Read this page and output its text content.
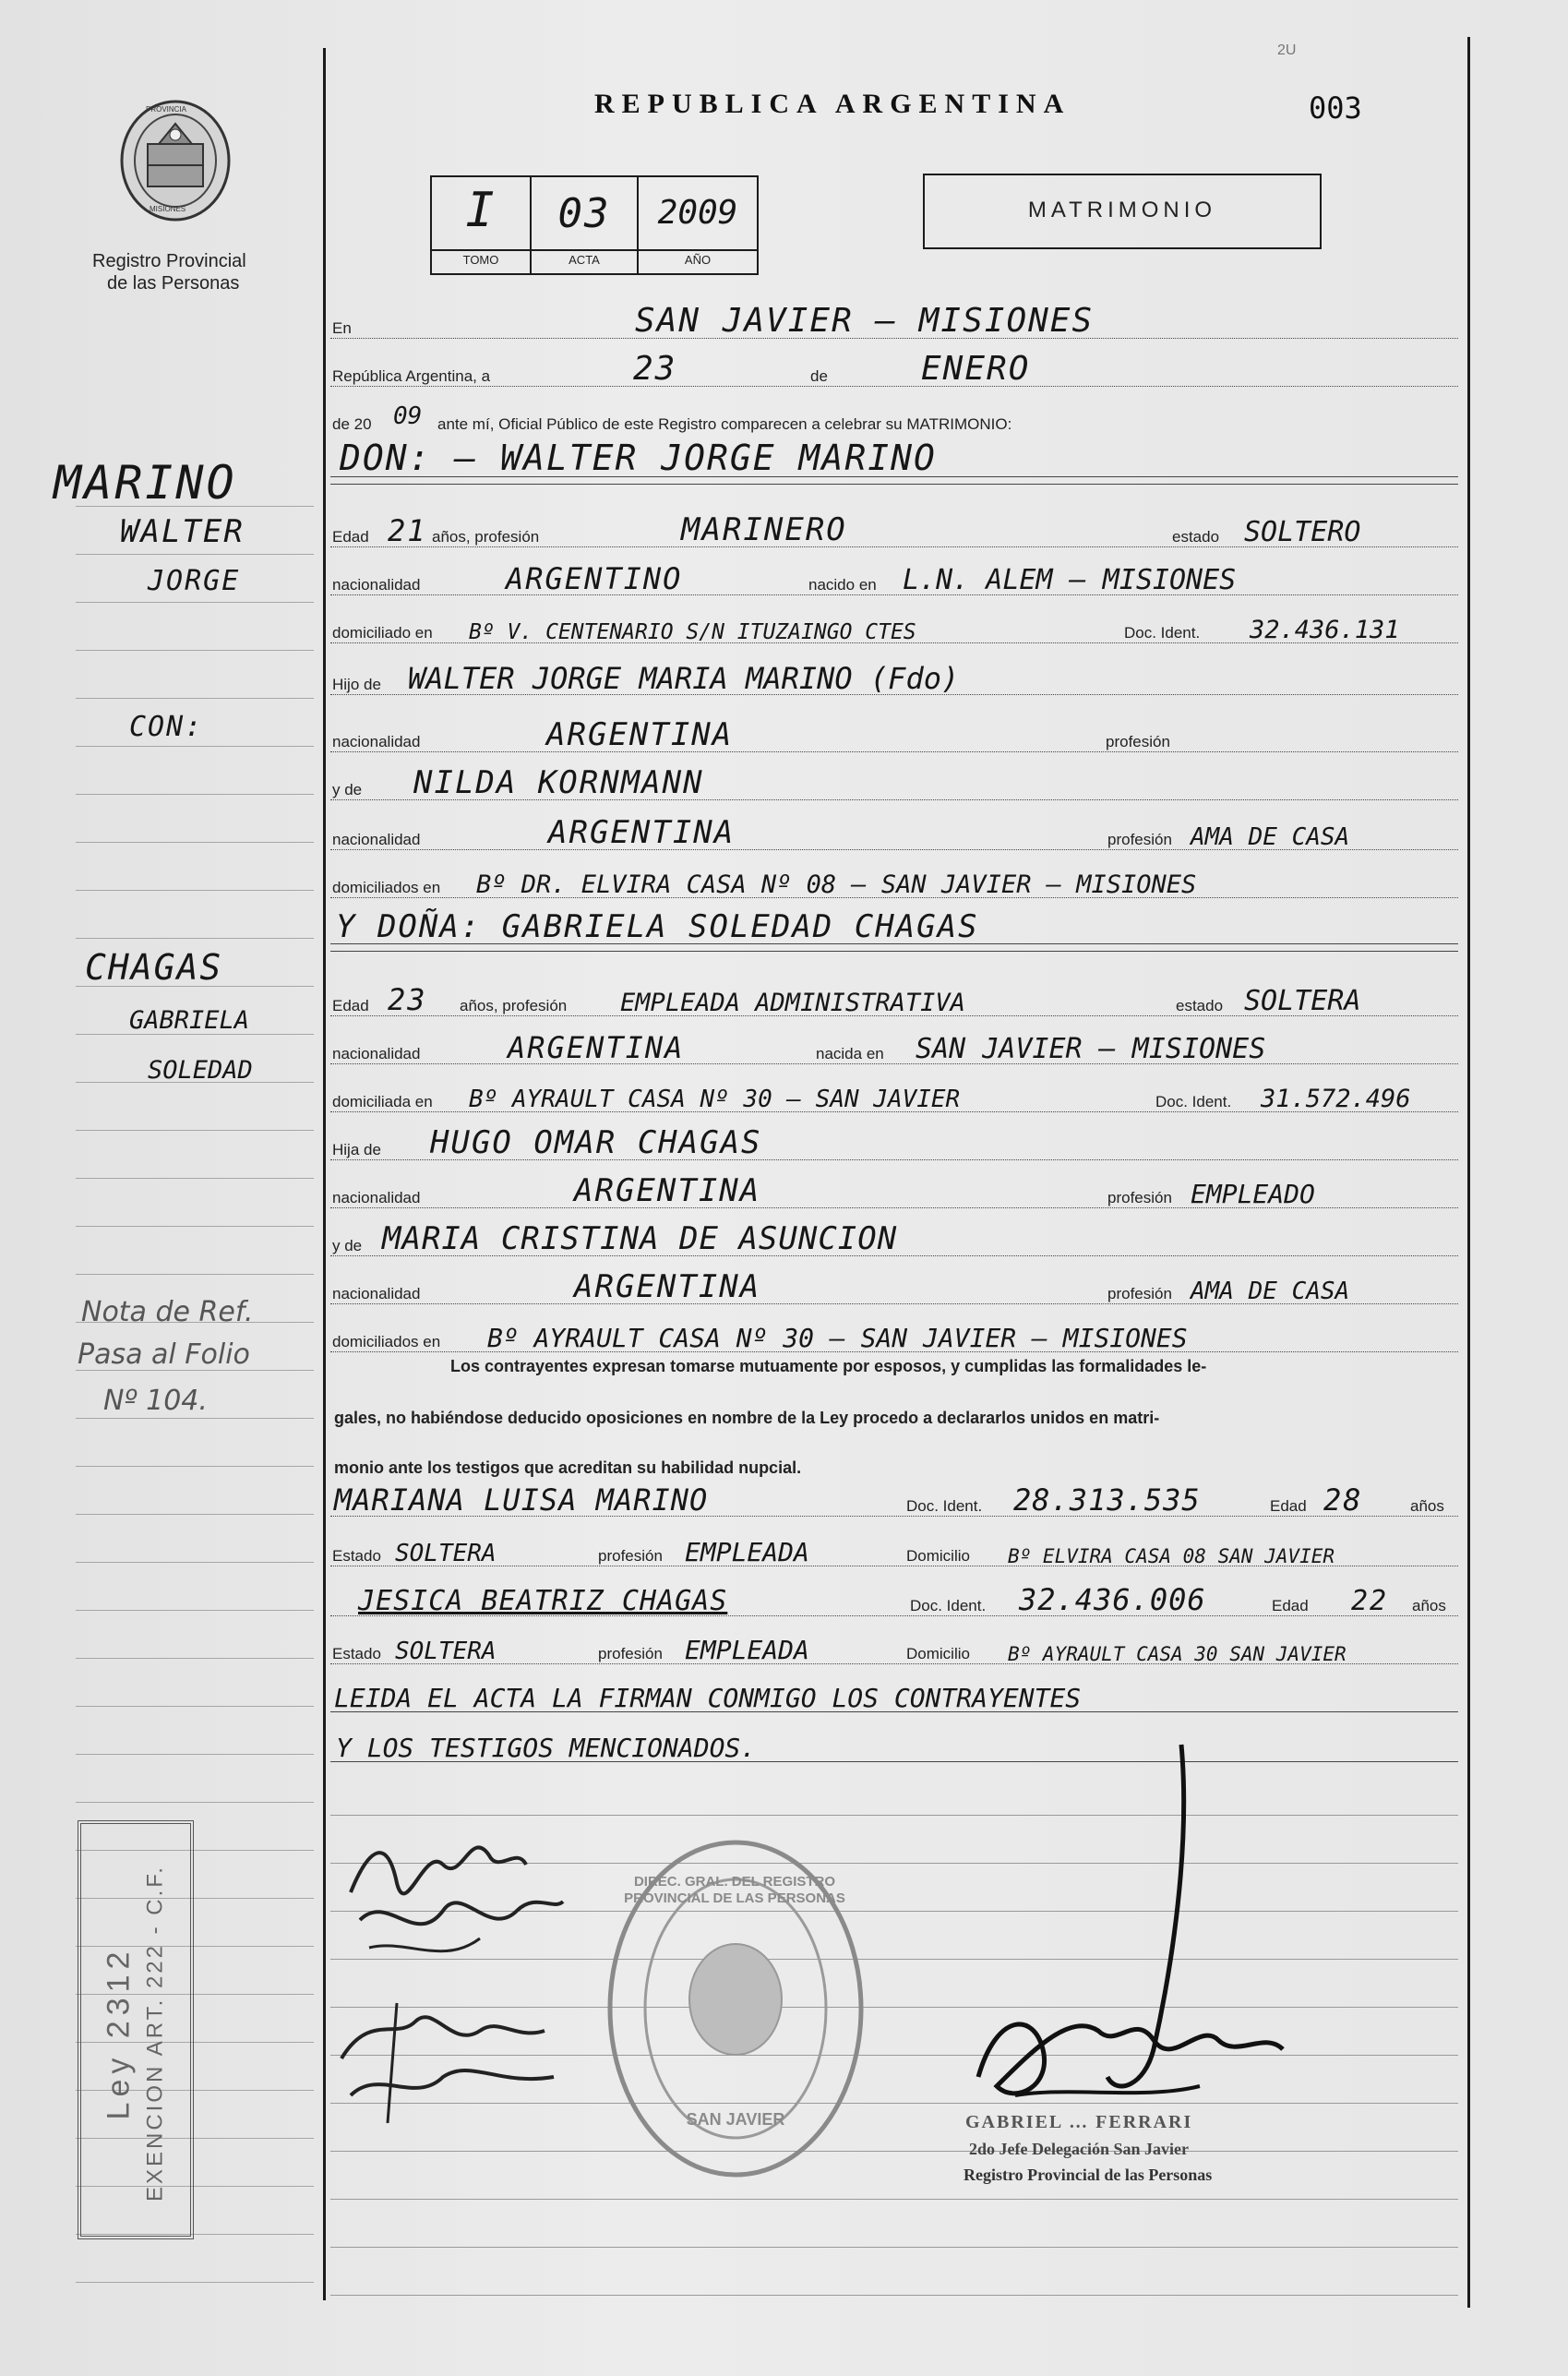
PROVINCIA
MISIONES
Registro Provincial
de las Personas
REPUBLICA ARGENTINA
2U
003
I	03	2009
TOMO	ACTA	AÑO
MATRIMONIO
En	SAN JAVIER – MISIONES
República Argentina, a	23	de	ENERO
de 20 09 ante mí, Oficial Público de este Registro comparecen a celebrar su MATRIMONIO:
DON: – WALTER JORGE MARINO
Edad 21 años, profesión	MARINERO	estado SOLTERO
nacionalidad	ARGENTINO	nacido en L.N. ALEM – MISIONES
domiciliado en Bº V. CENTENARIO S/N ITUZAINGO CTES	Doc. Ident. 32.436.131
Hijo de WALTER JORGE MARIA MARINO (Fdo)
nacionalidad	ARGENTINA	profesión
y de NILDA KORNMANN
nacionalidad	ARGENTINA	profesión AMA DE CASA
domiciliados en Bº DR. ELVIRA CASA Nº 08 – SAN JAVIER – MISIONES
Y DOÑA: GABRIELA SOLEDAD CHAGAS
Edad 23 años, profesión EMPLEADA ADMINISTRATIVA	estado SOLTERA
nacionalidad	ARGENTINA	nacida en SAN JAVIER – MISIONES
domiciliada en Bº AYRAULT CASA Nº 30 – SAN JAVIER	Doc. Ident. 31.572.496
Hija de HUGO OMAR CHAGAS
nacionalidad	ARGENTINA	profesión EMPLEADO
y de MARIA CRISTINA DE ASUNCION
nacionalidad	ARGENTINA	profesión AMA DE CASA
domiciliados en Bº AYRAULT CASA Nº 30 – SAN JAVIER – MISIONES
Los contrayentes expresan tomarse mutuamente por esposos, y cumplidas las formalidades le-
gales, no habiéndose deducido oposiciones en nombre de la Ley procedo a declararlos unidos en matri-
monio ante los testigos que acreditan su habilidad nupcial.
MARIANA LUISA MARINO	Doc. Ident. 28.313.535	Edad 28	años
Estado SOLTERA	profesión EMPLEADA	Domicilio Bº ELVIRA CASA 08 SAN JAVIER
JESICA BEATRIZ CHAGAS	Doc. Ident. 32.436.006	Edad 22 años
Estado SOLTERA	profesión EMPLEADA	Domicilio Bº AYRAULT CASA 30 SAN JAVIER
LEIDA EL ACTA LA FIRMAN CONMIGO LOS CONTRAYENTES
Y LOS TESTIGOS MENCIONADOS.
MARINO
WALTER
JORGE
CON:
CHAGAS
GABRIELA
SOLEDAD
Nota de Ref.
Pasa al Folio
Nº 104.
Ley 2312 EXENCION ART. 222 - C.F.	DIREC. GRAL. DEL REGISTRO PROVINCIAL DE LAS PERSONAS
SAN JAVIER	GABRIEL … FERRARI
2do Jefe Delegación San Javier
Registro Provincial de las Personas
